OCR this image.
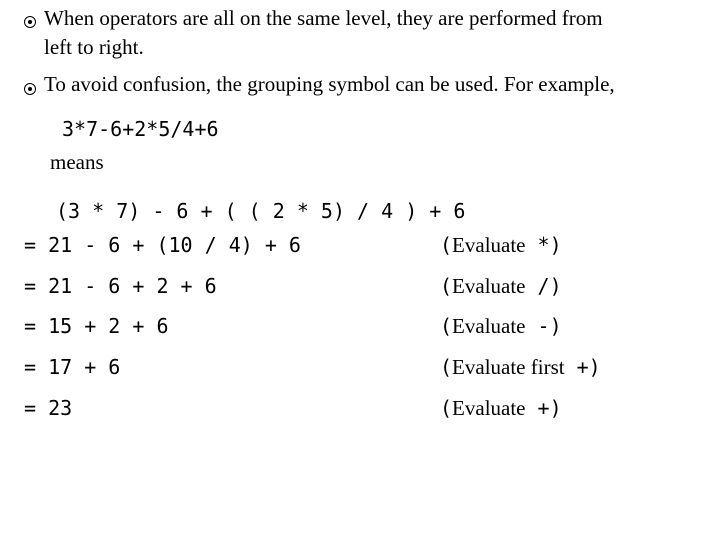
When operators are all on the same level, they are performed from
left to right.
To avoid confusion, the grouping symbol can be used. For example,
3*7-6+2*5/4+6
means
(3 * 7) - 6 + ( ( 2 * 5) / 4 ) + 6
= 21 - 6 + (10 / 4) + 6	(Evaluate *)
= 21 - 6 + 2 + 6	(Evaluate /)
= 15 + 2 + 6	(Evaluate -)
= 17 + 6	(Evaluate first +)
= 23	(Evaluate +)
